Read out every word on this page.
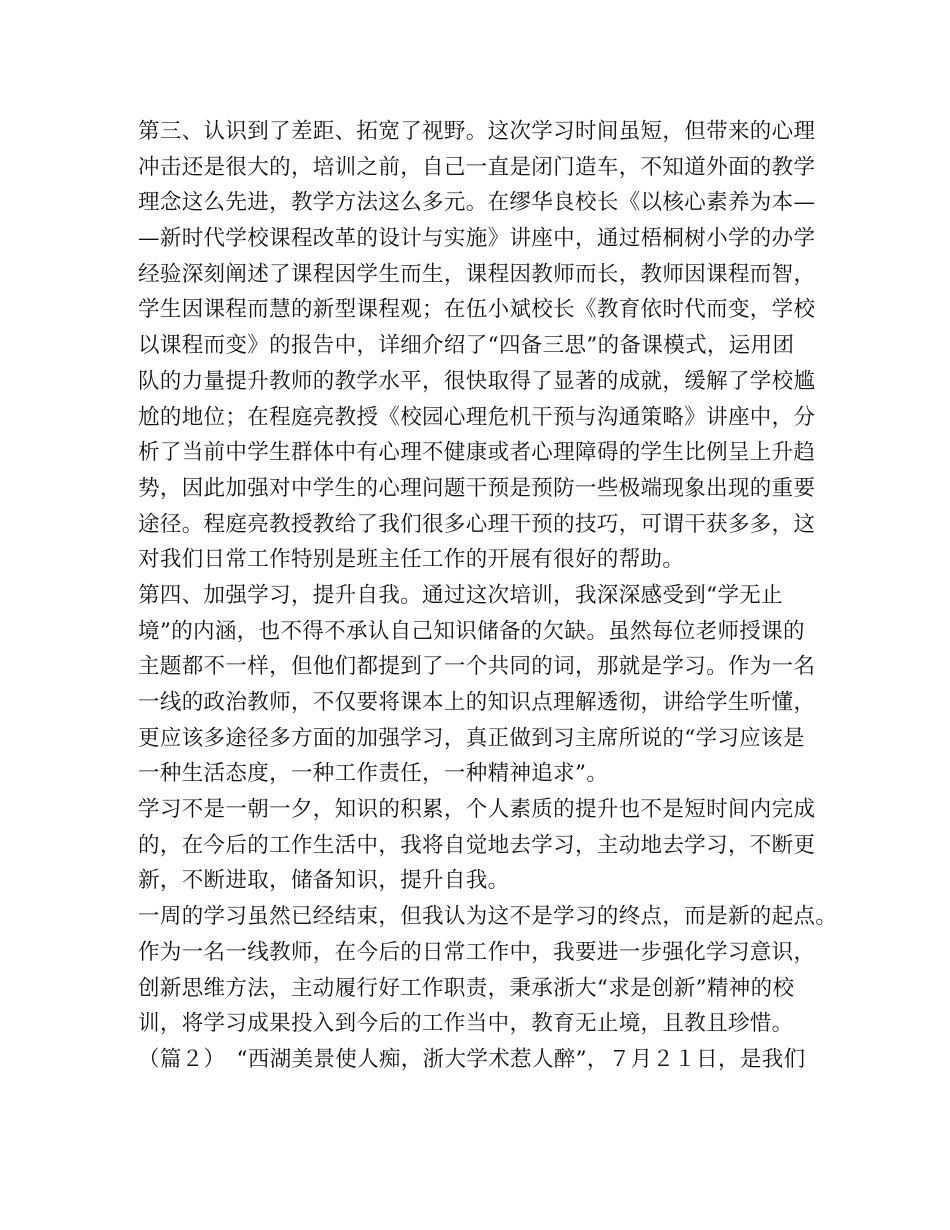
第三、认识到了差距、拓宽了视野。这次学习时间虽短，但带来的心理
冲击还是很大的，培训之前，自己一直是闭门造车，不知道外面的教学
理念这么先进，教学方法这么多元。在缪华良校长《以核心素养为本—
—新时代学校课程改革的设计与实施》讲座中，通过梧桐树小学的办学
经验深刻阐述了课程因学生而生，课程因教师而长，教师因课程而智，
学生因课程而慧的新型课程观；在伍小斌校长《教育依时代而变，学校
以课程而变》的报告中，详细介绍了“四备三思”的备课模式，运用团
队的力量提升教师的教学水平，很快取得了显著的成就，缓解了学校尴
尬的地位；在程庭亮教授《校园心理危机干预与沟通策略》讲座中，分
析了当前中学生群体中有心理不健康或者心理障碍的学生比例呈上升趋
势，因此加强对中学生的心理问题干预是预防一些极端现象出现的重要
途径。程庭亮教授教给了我们很多心理干预的技巧，可谓干获多多，这
对我们日常工作特别是班主任工作的开展有很好的帮助。
第四、加强学习，提升自我。通过这次培训，我深深感受到“学无止
境”的内涵，也不得不承认自己知识储备的欠缺。虽然每位老师授课的
主题都不一样，但他们都提到了一个共同的词，那就是学习。作为一名
一线的政治教师，不仅要将课本上的知识点理解透彻，讲给学生听懂，
更应该多途径多方面的加强学习，真正做到习主席所说的“学习应该是
一种生活态度，一种工作责任，一种精神追求”。
学习不是一朝一夕，知识的积累，个人素质的提升也不是短时间内完成
的，在今后的工作生活中，我将自觉地去学习，主动地去学习，不断更
新，不断进取，储备知识，提升自我。
一周的学习虽然已经结束，但我认为这不是学习的终点，而是新的起点。
作为一名一线教师，在今后的日常工作中，我要进一步强化学习意识，
创新思维方法，主动履行好工作职责，秉承浙大“求是创新”精神的校
训，将学习成果投入到今后的工作当中，教育无止境，且教且珍惜。
（篇２）　“西湖美景使人痴，浙大学术惹人醉”，７月２１日，是我们
